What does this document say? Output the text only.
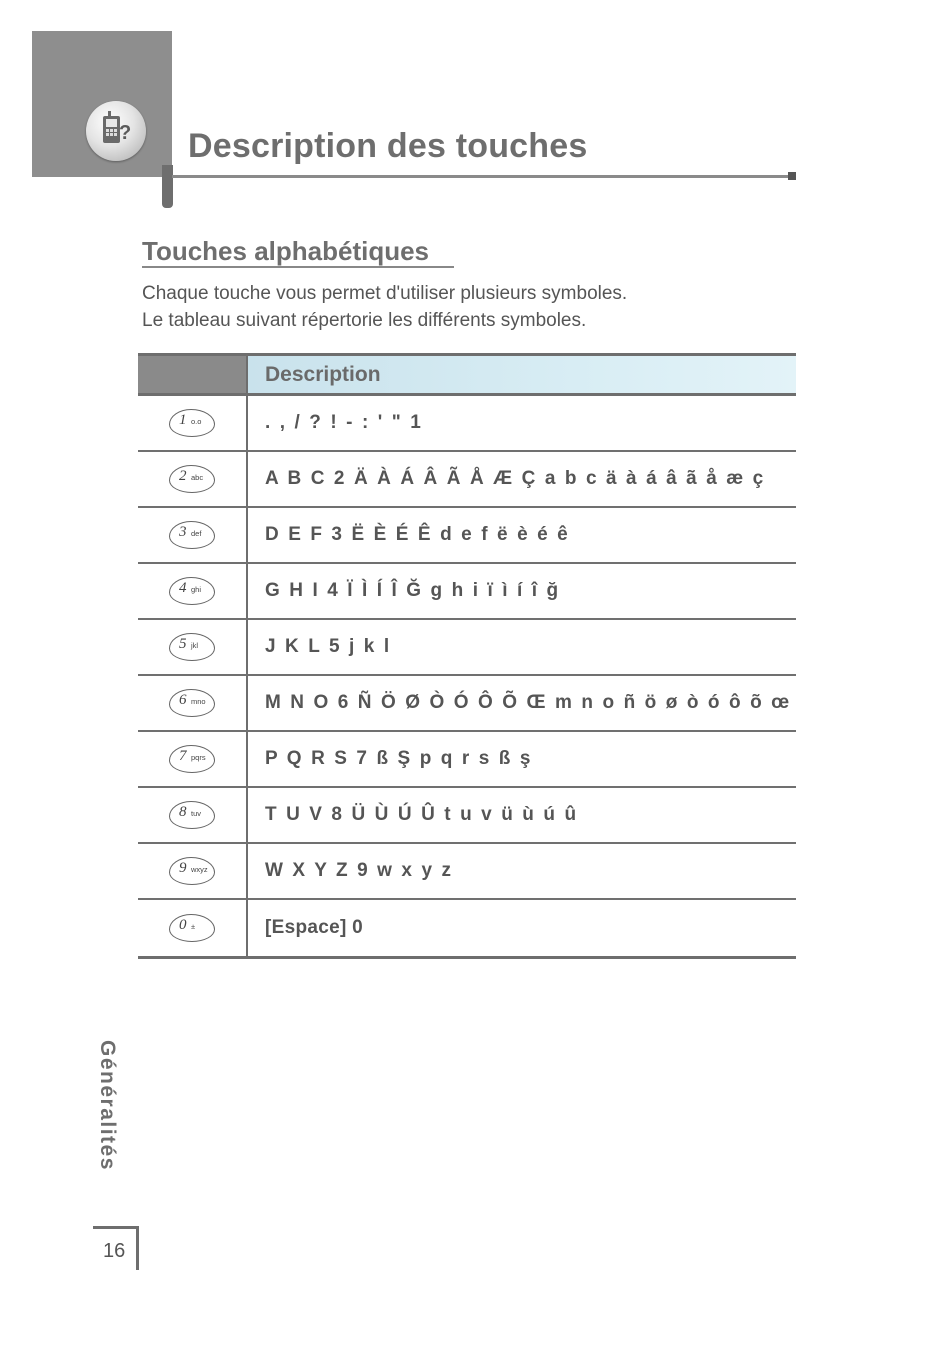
? Description des touches
Touches alphabétiques
Chaque touche vous permet d'utiliser plusieurs symboles.
Le tableau suivant répertorie les différents symboles.
	Description

1 o.o	. , / ? ! - : ' " 1

2 abc	A B C 2 Ä À Á Â Ã Å Æ Ç a b c ä à á â ã å æ ç

3 def	D E F 3 Ë È É Ê d e f ë è é ê

4 ghi	G H I 4 Ï Ì Í Î Ğ g h i ï ì í î ğ

5 jkl	J K L 5 j k l

6 mno	M N O 6 Ñ Ö Ø Ò Ó Ô Õ Œ m n o ñ ö ø ò ó ô õ œ

7 pqrs	P Q R S 7 ß Ş p q r s ß ş

8 tuv	T U V 8 Ü Ù Ú Û t u v ü ù ú û

9 wxyz	W X Y Z 9 w x y z

0 ±	[Espace] 0
Généralités
16
